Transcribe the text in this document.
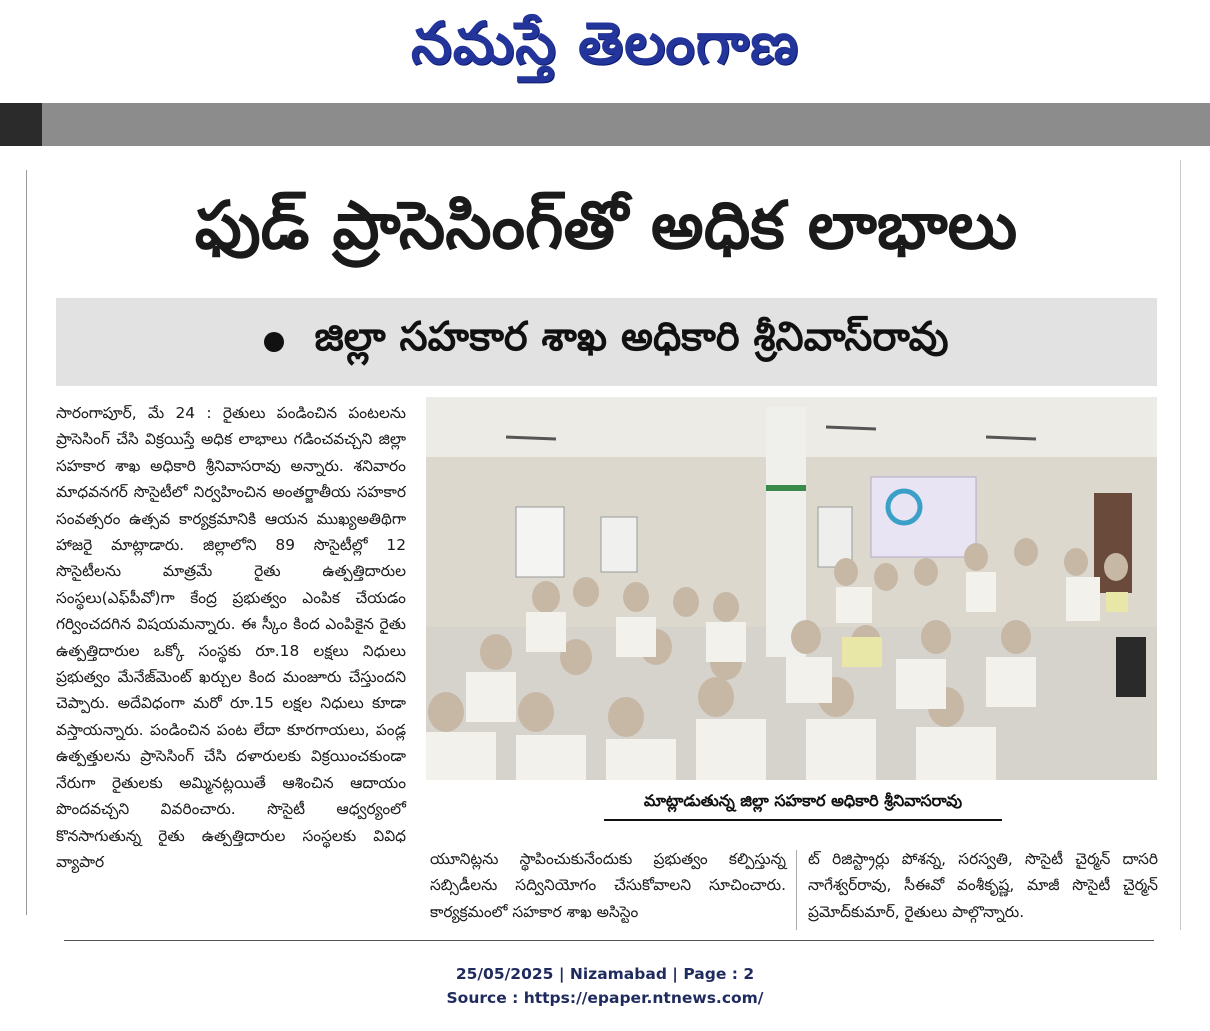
నమస్తే తెలంగాణ
ఫుడ్ ప్రాసెసింగ్‌తో అధిక లాభాలు
జిల్లా సహకార శాఖ అధికారి శ్రీనివాస్‌రావు

సారంగాపూర్, మే 24 : రైతులు పండించిన పంటలను ప్రాసెసింగ్ చేసి విక్రయిస్తే అధిక లాభాలు గడించవచ్చని జిల్లా సహకార శాఖ అధికారి శ్రీనివాసరావు అన్నారు. శనివారం మాధవనగర్ సొసైటీలో నిర్వహించిన అంతర్జాతీయ సహకార సంవత్సరం ఉత్సవ కార్యక్రమానికి ఆయన ముఖ్యఅతిథిగా హాజరై మాట్లాడారు. జిల్లాలోని 89 సొసైటీల్లో 12 సొసైటీలను మాత్రమే రైతు ఉత్పత్తిదారుల సంస్థలు(ఎఫ్‌పీవో)గా కేంద్ర ప్రభుత్వం ఎంపిక చేయడం గర్వించదగిన విషయమన్నారు. ఈ స్కీం కింద ఎంపికైన రైతు ఉత్పత్తిదారుల ఒక్కో సంస్థకు రూ.18 లక్షలు నిధులు ప్రభుత్వం మేనేజ్‌మెంట్ ఖర్చుల కింద మంజూరు చేస్తుందని చెప్పారు. అదేవిధంగా మరో రూ.15 లక్షల నిధులు కూడా వస్తాయన్నారు. పండించిన పంట లేదా కూరగాయలు, పండ్ల ఉత్పత్తులను ప్రాసెసింగ్ చేసి దళారులకు విక్రయించకుండా నేరుగా రైతులకు అమ్మినట్లయితే ఆశించిన ఆదాయం పొందవచ్చని వివరించారు. సొసైటీ ఆధ్వర్యంలో కొనసాగుతున్న రైతు ఉత్పత్తిదారుల సంస్థలకు వివిధ వ్యాపార

మాట్లాడుతున్న జిల్లా సహకార అధికారి శ్రీనివాసరావు

యూనిట్లను స్థాపించుకునేందుకు ప్రభుత్వం కల్పిస్తున్న సబ్సిడీలను సద్వినియోగం చేసుకోవాలని సూచించారు. కార్యక్రమంలో సహకార శాఖ అసిస్టెం

ట్ రిజిస్ట్రార్లు పోశన్న, సరస్వతి, సొసైటీ చైర్మన్ దాసరి నాగేశ్వర్‌రావు, సీఈవో వంశీకృష్ణ, మాజీ సొసైటీ చైర్మన్ ప్రమోద్‌కుమార్, రైతులు పాల్గొన్నారు.

25/05/2025 | Nizamabad | Page : 2
Source : https://epaper.ntnews.com/
